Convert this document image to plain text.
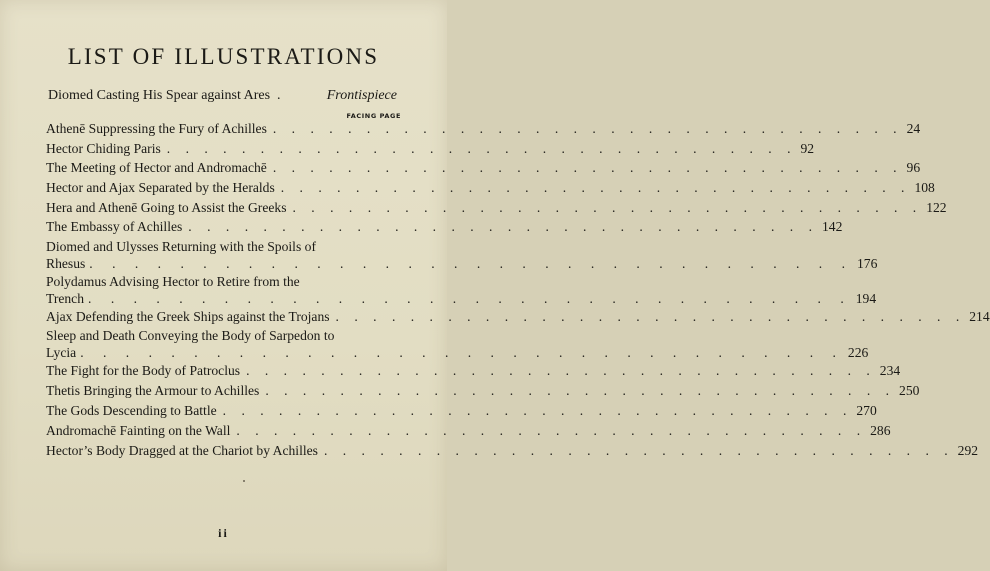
LIST OF ILLUSTRATIONS
Diomed Casting His Spear against Ares .	Frontispiece
FACING PAGE
Athenē Suppressing the Fury of Achilles . . . . . . . . . . . . . . . . . . . . . . . . . . . . . . . . . . 24
Hector Chiding Paris . . . . . . . . . . . . . . . . . . . . . . . . . . . . . . . . . . 92
The Meeting of Hector and Andromachē . . . . . . . . . . . . . . . . . . . . . . . . . . . . . . . . . . 96
Hector and Ajax Separated by the Heralds . . . . . . . . . . . . . . . . . . . . . . . . . . . . . . . . . . 108
Hera and Athenē Going to Assist the Greeks . . . . . . . . . . . . . . . . . . . . . . . . . . . . . . . . . . 122
The Embassy of Achilles . . . . . . . . . . . . . . . . . . . . . . . . . . . . . . . . . . 142
Diomed and Ulysses Returning with the Spoils of
Rhesus . . . . . . . . . . . . . . . . . . . . . . . . . . . . . . . . . . 176
Polydamus Advising Hector to Retire from the
Trench . . . . . . . . . . . . . . . . . . . . . . . . . . . . . . . . . . 194
Ajax Defending the Greek Ships against the Trojans . . . . . . . . . . . . . . . . . . . . . . . . . . . . . . . . . . 214
Sleep and Death Conveying the Body of Sarpedon to
Lycia . . . . . . . . . . . . . . . . . . . . . . . . . . . . . . . . . . 226
The Fight for the Body of Patroclus . . . . . . . . . . . . . . . . . . . . . . . . . . . . . . . . . . 234
Thetis Bringing the Armour to Achilles . . . . . . . . . . . . . . . . . . . . . . . . . . . . . . . . . . 250
The Gods Descending to Battle . . . . . . . . . . . . . . . . . . . . . . . . . . . . . . . . . . 270
Andromachē Fainting on the Wall . . . . . . . . . . . . . . . . . . . . . . . . . . . . . . . . . . 286
Hector’s Body Dragged at the Chariot by Achilles . . . . . . . . . . . . . . . . . . . . . . . . . . . . . . . . . . 292
ii
